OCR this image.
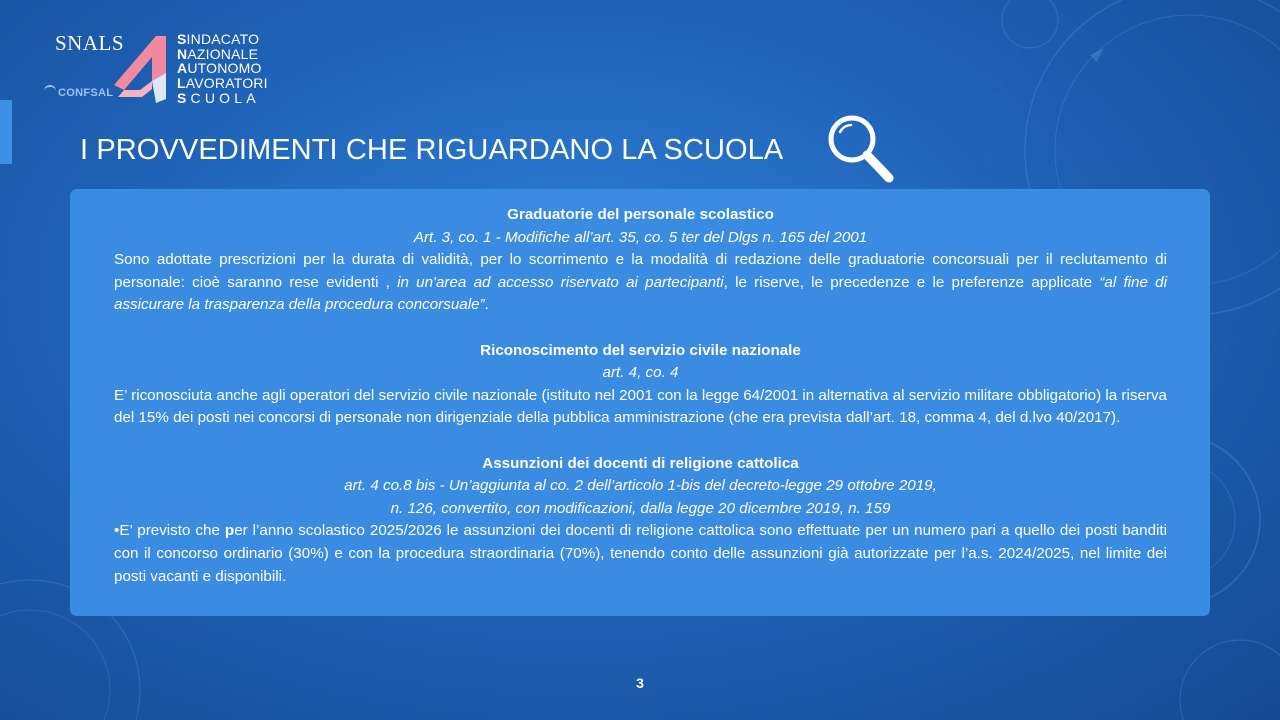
SNALS
CONFSAL
SINDACATO
NAZIONALE
AUTONOMO
LAVORATORI
SCUOLA
I PROVVEDIMENTI CHE RIGUARDANO LA SCUOLA
Graduatorie del personale scolastico
Art. 3, co. 1 - Modifiche all’art. 35, co. 5 ter del Dlgs n. 165 del 2001
Sono adottate prescrizioni per la durata di validità, per lo scorrimento e la modalità di redazione delle graduatorie concorsuali per il reclutamento di personale: cioè saranno rese evidenti , in un'area ad accesso riservato ai partecipanti, le riserve, le precedenze e le preferenze applicate “al fine di assicurare la trasparenza della procedura concorsuale”.
Riconoscimento del servizio civile nazionale
art. 4, co. 4
E’ riconosciuta anche agli operatori del servizio civile nazionale (istituto nel 2001 con la legge 64/2001 in alternativa al servizio militare obbligatorio) la riserva del 15% dei posti nei concorsi di personale non dirigenziale della pubblica amministrazione (che era prevista dall’art. 18, comma 4, del d.lvo 40/2017).
Assunzioni dei docenti di religione cattolica
art. 4 co.8 bis - Un’aggiunta al co. 2 dell’articolo 1-bis del decreto-legge 29 ottobre 2019,
n. 126, convertito, con modificazioni, dalla legge 20 dicembre 2019, n. 159
•E’ previsto che per l’anno scolastico 2025/2026 le assunzioni dei docenti di religione cattolica sono effettuate per un numero pari a quello dei posti banditi con il concorso ordinario (30%) e con la procedura straordinaria (70%), tenendo conto delle assunzioni già autorizzate per l’a.s. 2024/2025, nel limite dei posti vacanti e disponibili.
3
